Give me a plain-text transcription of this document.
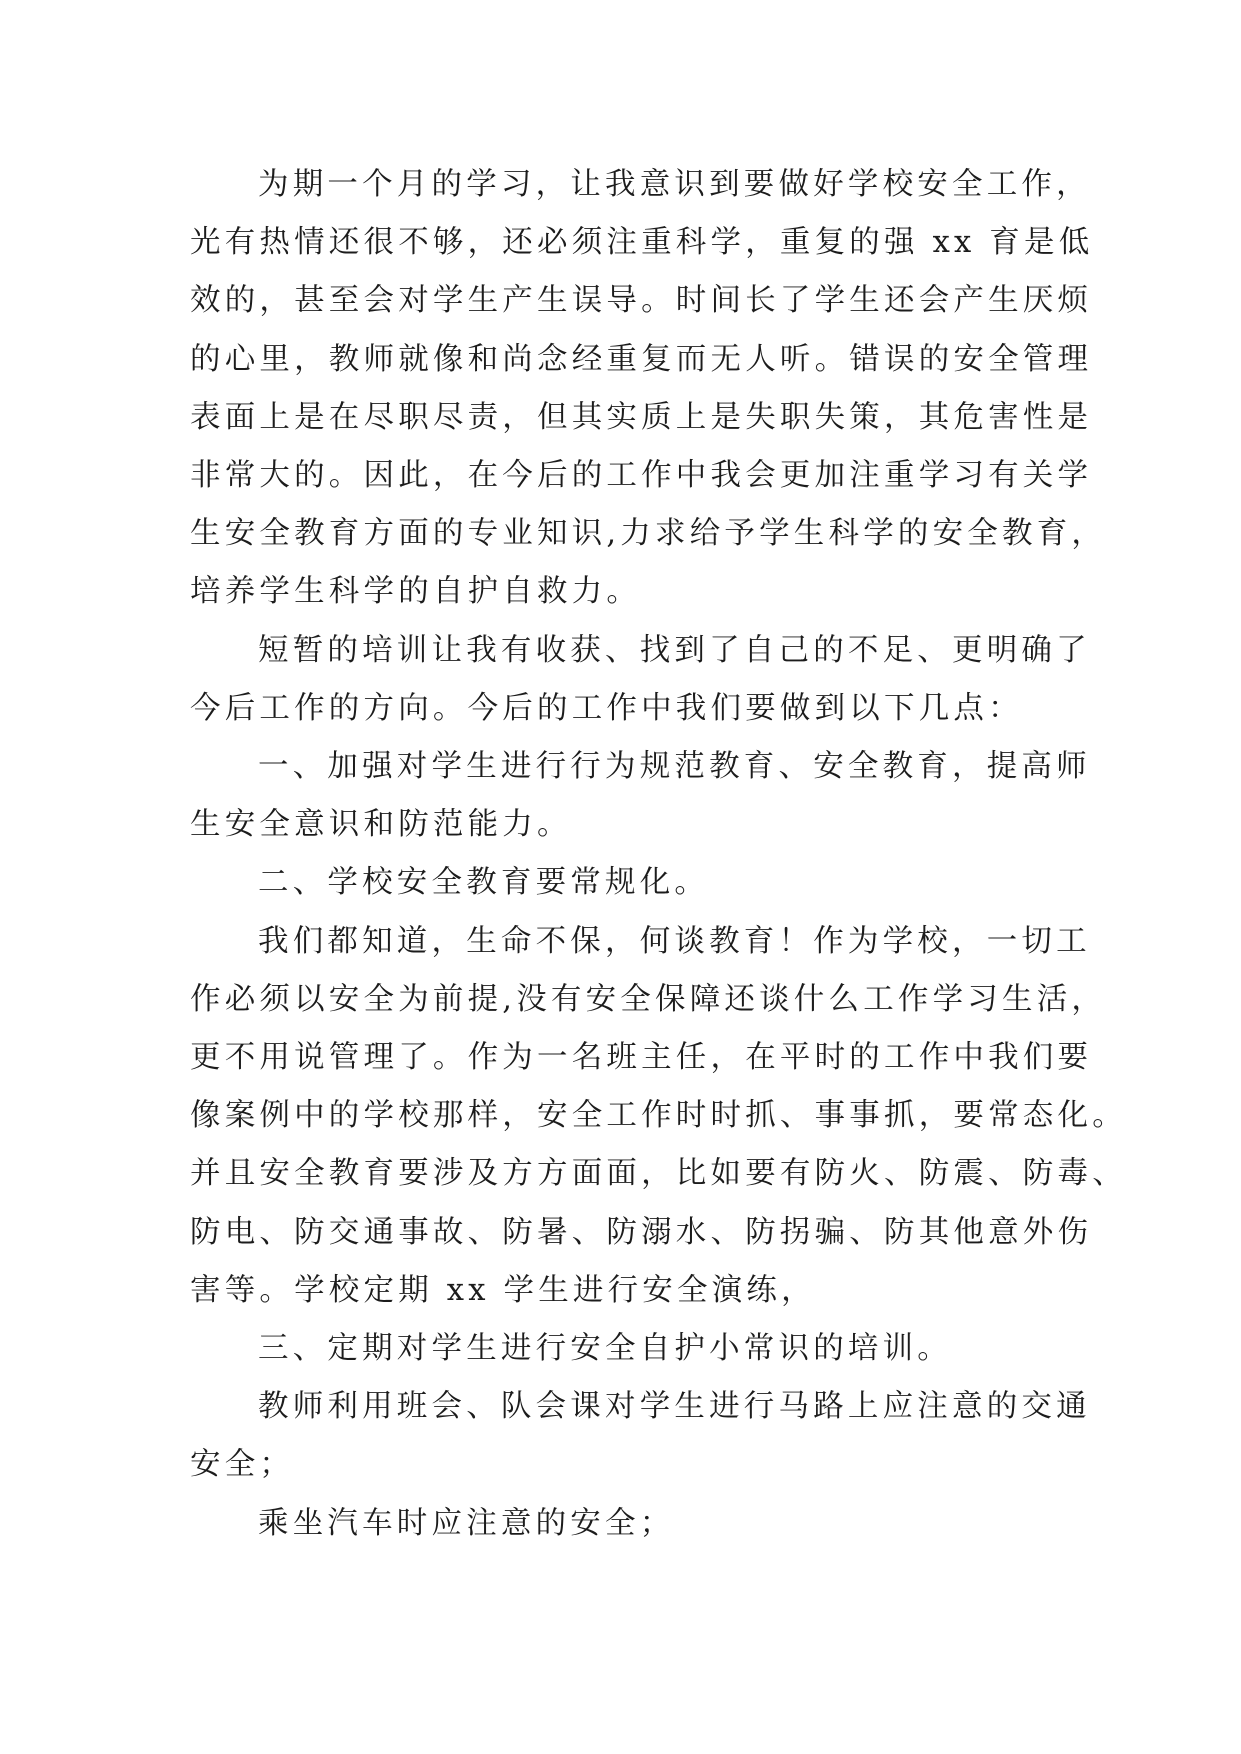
为期一个月的学习，让我意识到要做好学校安全工作，
光有热情还很不够，还必须注重科学，重复的强 xx 育是低
效的，甚至会对学生产生误导。时间长了学生还会产生厌烦
的心里，教师就像和尚念经重复而无人听。错误的安全管理
表面上是在尽职尽责，但其实质上是失职失策，其危害性是
非常大的。因此，在今后的工作中我会更加注重学习有关学
生安全教育方面的专业知识,力求给予学生科学的安全教育，
培养学生科学的自护自救力。

短暂的培训让我有收获、找到了自己的不足、更明确了
今后工作的方向。今后的工作中我们要做到以下几点：

一、加强对学生进行行为规范教育、安全教育，提高师
生安全意识和防范能力。

二、学校安全教育要常规化。

我们都知道，生命不保，何谈教育！作为学校，一切工
作必须以安全为前提,没有安全保障还谈什么工作学习生活，
更不用说管理了。作为一名班主任，在平时的工作中我们要
像案例中的学校那样，安全工作时时抓、事事抓，要常态化。
并且安全教育要涉及方方面面，比如要有防火、防震、防毒、
防电、防交通事故、防暑、防溺水、防拐骗、防其他意外伤
害等。学校定期 xx 学生进行安全演练，

三、定期对学生进行安全自护小常识的培训。

教师利用班会、队会课对学生进行马路上应注意的交通
安全；

乘坐汽车时应注意的安全；
